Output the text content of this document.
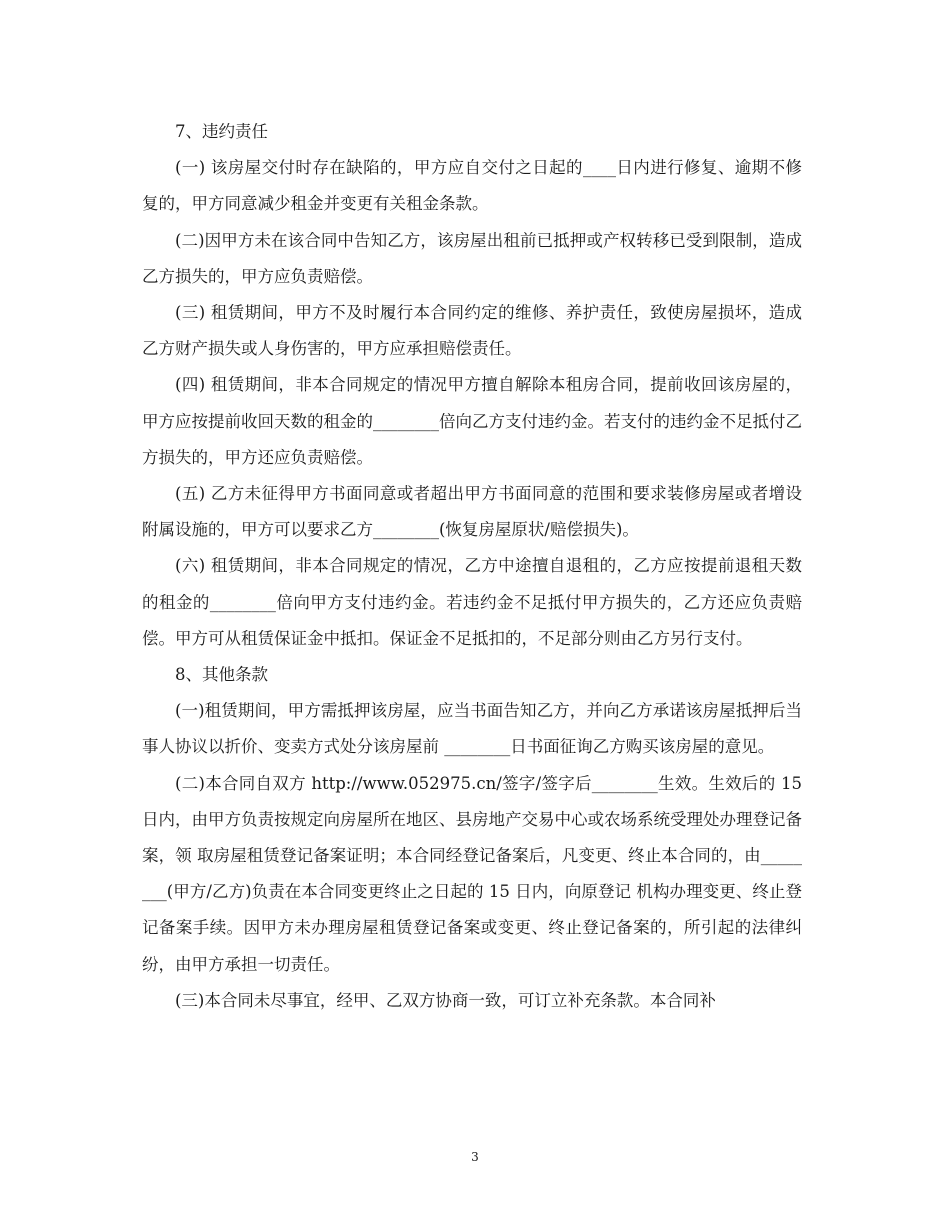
7、违约责任

(一) 该房屋交付时存在缺陷的，甲方应自交付之日起的____日内进行修复、逾期不修复的，甲方同意减少租金并变更有关租金条款。

(二)因甲方未在该合同中告知乙方，该房屋出租前已抵押或产权转移已受到限制，造成乙方损失的，甲方应负责赔偿。

(三) 租赁期间，甲方不及时履行本合同约定的维修、养护责任，致使房屋损坏，造成乙方财产损失或人身伤害的，甲方应承担赔偿责任。

(四) 租赁期间，非本合同规定的情况甲方擅自解除本租房合同，提前收回该房屋的，甲方应按提前收回天数的租金的________倍向乙方支付违约金。若支付的违约金不足抵付乙方损失的，甲方还应负责赔偿。

(五) 乙方未征得甲方书面同意或者超出甲方书面同意的范围和要求装修房屋或者增设附属设施的，甲方可以要求乙方________(恢复房屋原状/赔偿损失)。

(六) 租赁期间，非本合同规定的情况，乙方中途擅自退租的，乙方应按提前退租天数的租金的________倍向甲方支付违约金。若违约金不足抵付甲方损失的，乙方还应负责赔偿。甲方可从租赁保证金中抵扣。保证金不足抵扣的，不足部分则由乙方另行支付。

8、其他条款

(一)租赁期间，甲方需抵押该房屋，应当书面告知乙方，并向乙方承诺该房屋抵押后当事人协议以折价、变卖方式处分该房屋前 ________日书面征询乙方购买该房屋的意见。

(二)本合同自双方 http://www.052975.cn/签字/签字后________生效。生效后的 15 日内，由甲方负责按规定向房屋所在地区、县房地产交易中心或农场系统受理处办理登记备案，领 取房屋租赁登记备案证明；本合同经登记备案后，凡变更、终止本合同的，由________(甲方/乙方)负责在本合同变更终止之日起的 15 日内，向原登记 机构办理变更、终止登记备案手续。因甲方未办理房屋租赁登记备案或变更、终止登记备案的，所引起的法律纠纷，由甲方承担一切责任。

(三)本合同未尽事宜，经甲、乙双方协商一致，可订立补充条款。本合同补

3
